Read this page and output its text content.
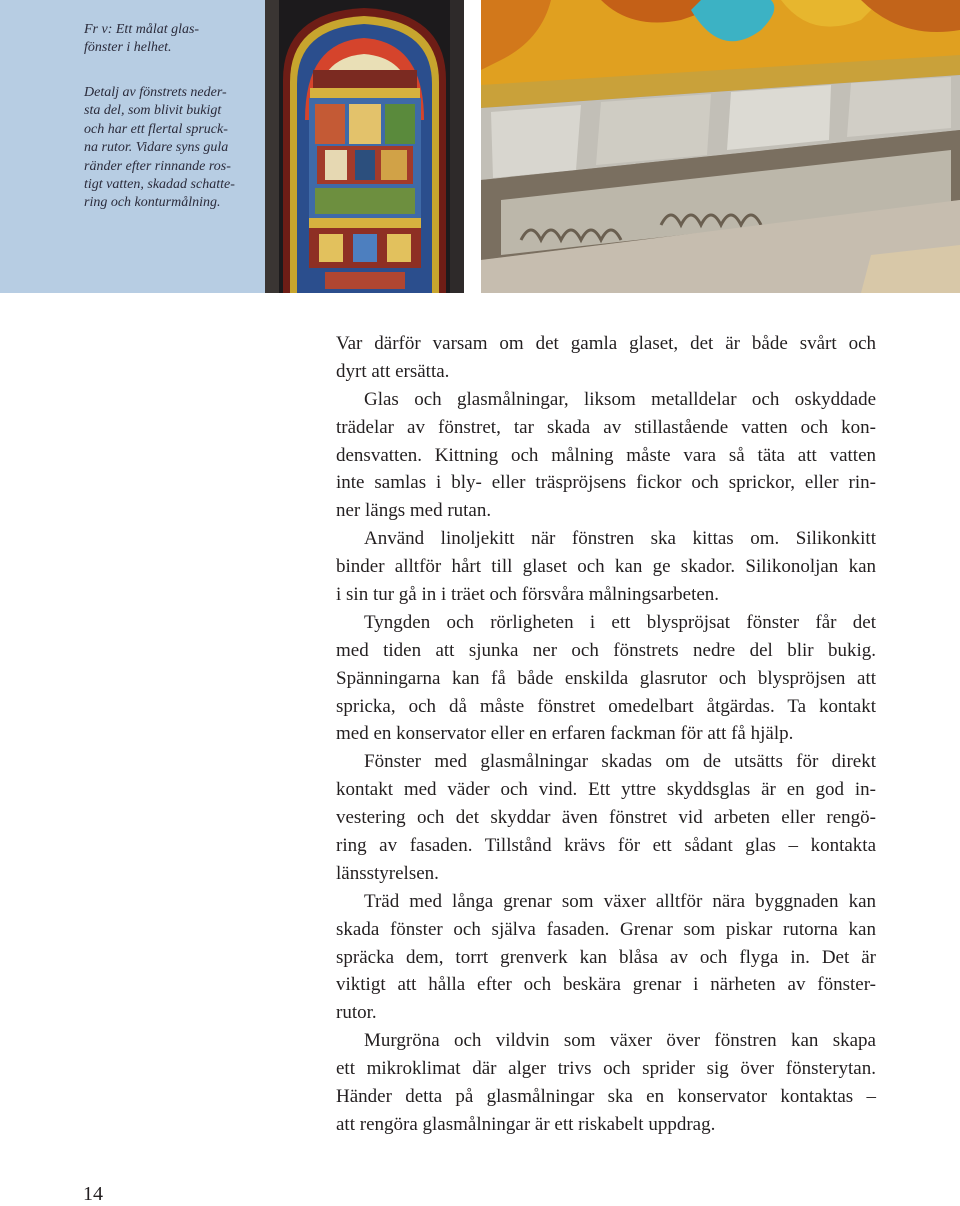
Fr v: Ett målat glas-
fönster i helhet.
Detalj av fönstrets neder-
sta del, som blivit bukigt
och har ett flertal spruck-
na rutor. Vidare syns gula
ränder efter rinnande ros-
tigt vatten, skadad schatte-
ring och konturmålning.
Var därför varsam om det gamla glaset, det är både svårt och
dyrt att ersätta.
Glas och glasmålningar, liksom metalldelar och oskyddade
trädelar av fönstret, tar skada av stillastående vatten och kon-
densvatten. Kittning och målning måste vara så täta att vatten
inte samlas i bly- eller träspröjsens fickor och sprickor, eller rin-
ner längs med rutan.
Använd linoljekitt när fönstren ska kittas om. Silikonkitt
binder alltför hårt till glaset och kan ge skador. Silikonoljan kan
i sin tur gå in i träet och försvåra målningsarbeten.
Tyngden och rörligheten i ett blyspröjsat fönster får det
med tiden att sjunka ner och fönstrets nedre del blir bukig.
Spänningarna kan få både enskilda glasrutor och blyspröjsen att
spricka, och då måste fönstret omedelbart åtgärdas. Ta kontakt
med en konservator eller en erfaren fackman för att få hjälp.
Fönster med glasmålningar skadas om de utsätts för direkt
kontakt med väder och vind. Ett yttre skyddsglas är en god in-
vestering och det skyddar även fönstret vid arbeten eller rengö-
ring av fasaden. Tillstånd krävs för ett sådant glas – kontakta
länsstyrelsen.
Träd med långa grenar som växer alltför nära byggnaden kan
skada fönster och själva fasaden. Grenar som piskar rutorna kan
spräcka dem, torrt grenverk kan blåsa av och flyga in. Det är
viktigt att hålla efter och beskära grenar i närheten av fönster-
rutor.
Murgröna och vildvin som växer över fönstren kan skapa
ett mikroklimat där alger trivs och sprider sig över fönsterytan.
Händer detta på glasmålningar ska en konservator kontaktas –
att rengöra glasmålningar är ett riskabelt uppdrag.
14
